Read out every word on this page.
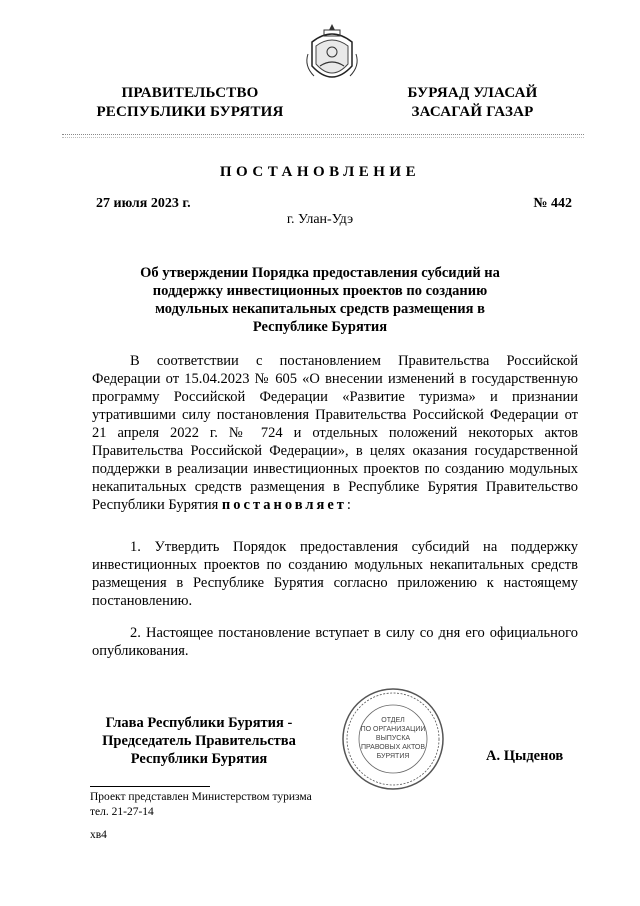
ПРАВИТЕЛЬСТВО
РЕСПУБЛИКИ БУРЯТИЯ
БУРЯАД УЛАСАЙ
ЗАСАГАЙ ГАЗАР
ПОСТАНОВЛЕНИЕ
27 июля 2023 г.	№ 442
г. Улан-Удэ
Об утверждении Порядка предоставления субсидий на поддержку инвестиционных проектов по созданию модульных некапитальных средств размещения в Республике Бурятия
В соответствии с постановлением Правительства Российской Федерации от 15.04.2023 № 605 «О внесении изменений в государственную программу Российской Федерации «Развитие туризма» и признании утратившими силу постановления Правительства Российской Федерации от 21 апреля 2022 г. № 724 и отдельных положений некоторых актов Правительства Российской Федерации», в целях оказания государственной поддержки в реализации инвестиционных проектов по созданию модульных некапитальных средств размещения в Республике Бурятия Правительство Республики Бурятия постановляет:
1. Утвердить Порядок предоставления субсидий на поддержку инвестиционных проектов по созданию модульных некапитальных средств размещения в Республике Бурятия согласно приложению к настоящему постановлению.
2. Настоящее постановление вступает в силу со дня его официального опубликования.
Глава Республики Бурятия -
Председатель Правительства
Республики Бурятия
ОТДЕЛ
ПО ОРГАНИЗАЦИИ
ВЫПУСКА
ПРАВОВЫХ АКТОВ
БУРЯТИЯ	А. Цыденов
Проект представлен Министерством туризма
тел. 21-27-14
хв4
